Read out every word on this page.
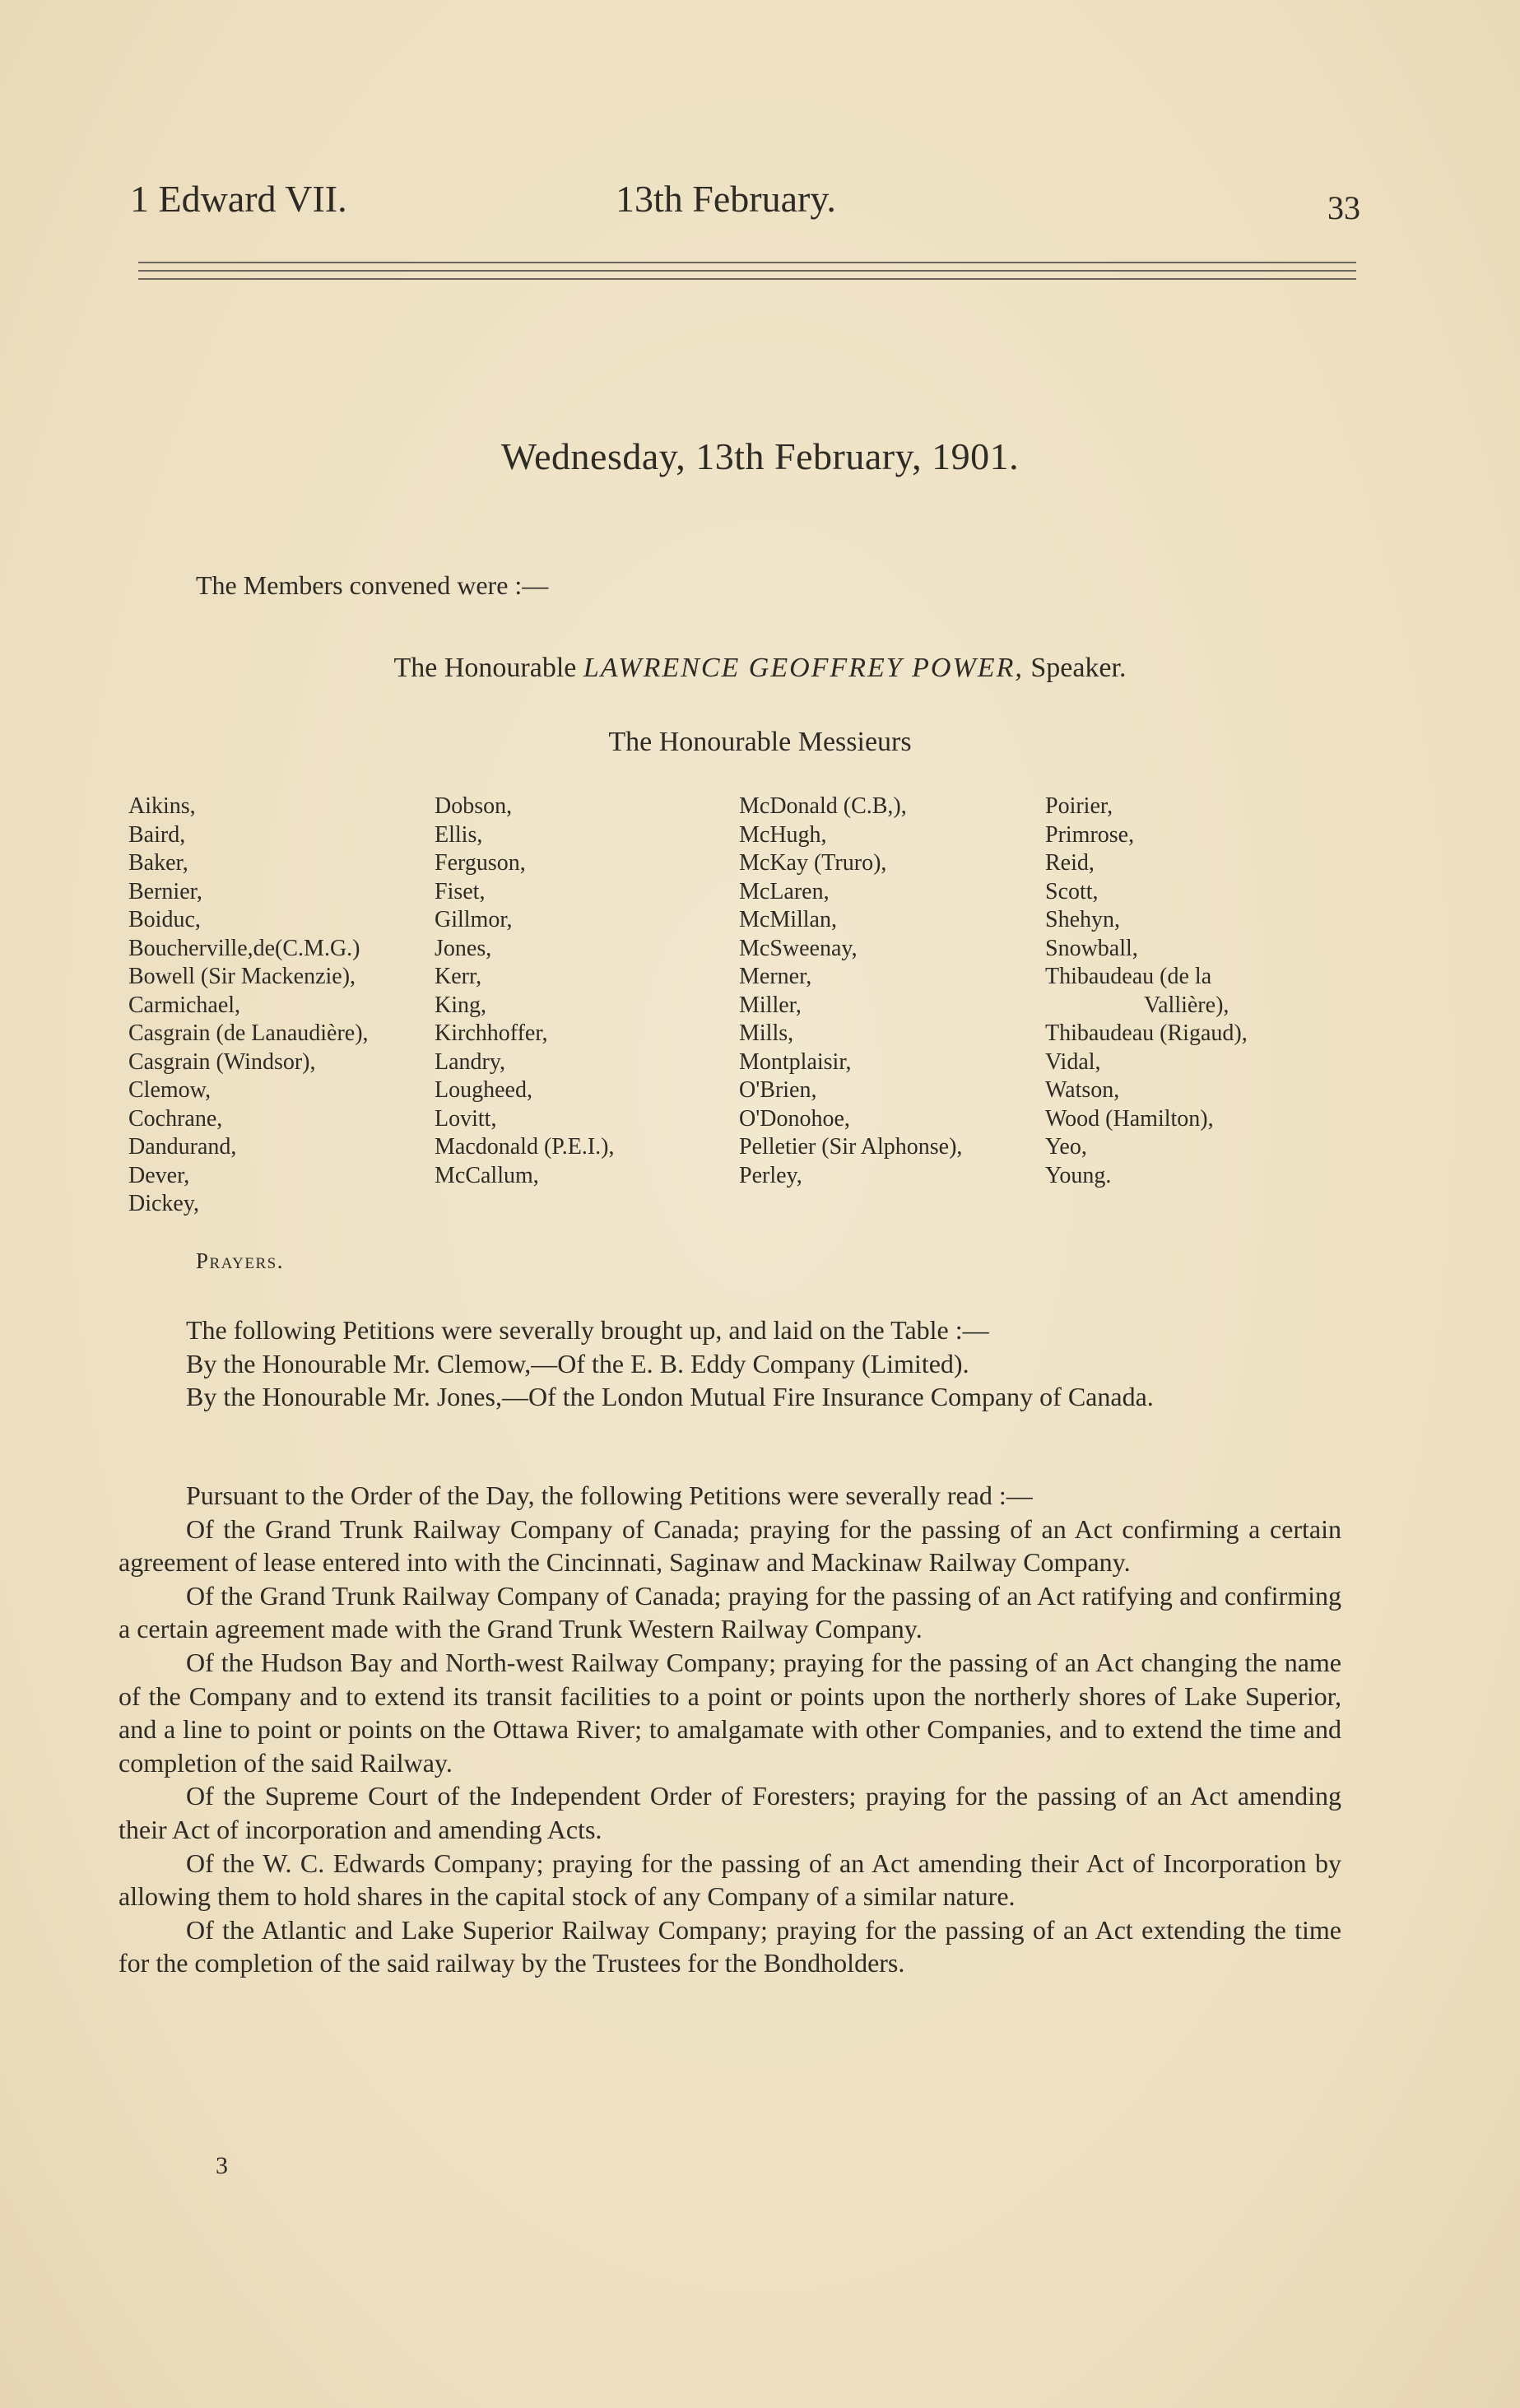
1 Edward VII.	13th February.	33
Wednesday, 13th February, 1901.
The Members convened were :—
The Honourable LAWRENCE GEOFFREY POWER, Speaker.
The Honourable Messieurs
Aikins,
Baird,
Baker,
Bernier,
Boiduc,
Boucherville,de(C.M.G.)
Bowell (Sir Mackenzie),
Carmichael,
Casgrain (de Lanaudière),
Casgrain (Windsor),
Clemow,
Cochrane,
Dandurand,
Dever,
Dickey,
Dobson,
Ellis,
Ferguson,
Fiset,
Gillmor,
Jones,
Kerr,
King,
Kirchhoffer,
Landry,
Lougheed,
Lovitt,
Macdonald (P.E.I.),
McCallum,
McDonald (C.B,),
McHugh,
McKay (Truro),
McLaren,
McMillan,
McSweenay,
Merner,
Miller,
Mills,
Montplaisir,
O'Brien,
O'Donohoe,
Pelletier (Sir Alphonse),
Perley,
Poirier,
Primrose,
Reid,
Scott,
Shehyn,
Snowball,
Thibaudeau (de la
Vallière),
Thibaudeau (Rigaud),
Vidal,
Watson,
Wood (Hamilton),
Yeo,
Young.
Prayers.

The following Petitions were severally brought up, and laid on the Table :—

By the Honourable Mr. Clemow,—Of the E. B. Eddy Company (Limited).

By the Honourable Mr. Jones,—Of the London Mutual Fire Insurance Company of Canada.

Pursuant to the Order of the Day, the following Petitions were severally read :—

Of the Grand Trunk Railway Company of Canada; praying for the passing of an Act confirming a certain agreement of lease entered into with the Cincinnati, Saginaw and Mackinaw Railway Company.

Of the Grand Trunk Railway Company of Canada; praying for the passing of an Act ratifying and confirming a certain agreement made with the Grand Trunk Western Railway Company.

Of the Hudson Bay and North-west Railway Company; praying for the passing of an Act changing the name of the Company and to extend its transit facilities to a point or points upon the northerly shores of Lake Superior, and a line to point or points on the Ottawa River; to amalgamate with other Companies, and to extend the time and completion of the said Railway.

Of the Supreme Court of the Independent Order of Foresters; praying for the passing of an Act amending their Act of incorporation and amending Acts.

Of the W. C. Edwards Company; praying for the passing of an Act amending their Act of Incorporation by allowing them to hold shares in the capital stock of any Company of a similar nature.

Of the Atlantic and Lake Superior Railway Company; praying for the passing of an Act extending the time for the completion of the said railway by the Trustees for the Bondholders.

3
